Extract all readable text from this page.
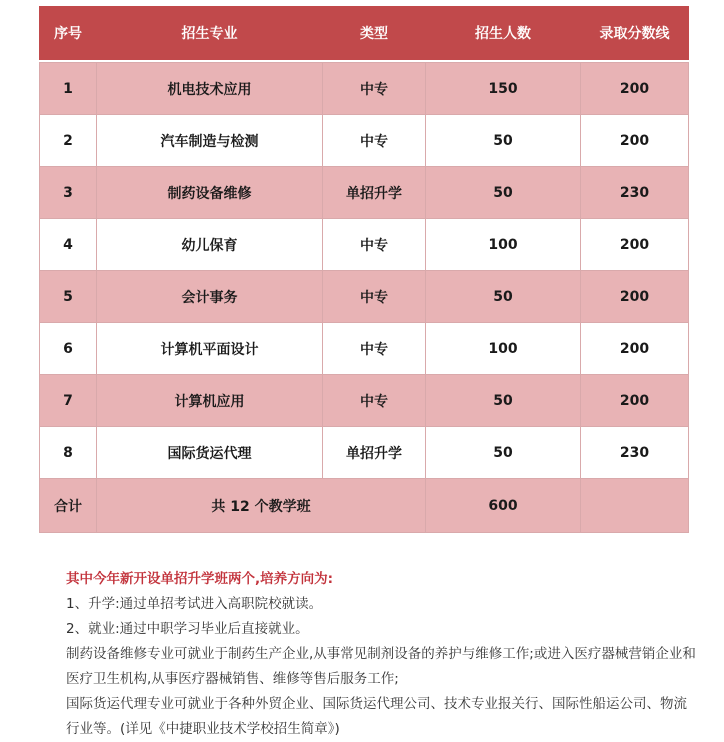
序号	招生专业	类型	招生人数	录取分数线

1	机电技术应用	中专	150	200
2	汽车制造与检测	中专	50	200
3	制药设备维修	单招升学	50	230
4	幼儿保育	中专	100	200
5	会计事务	中专	50	200
6	计算机平面设计	中专	100	200
7	计算机应用	中专	50	200
8	国际货运代理	单招升学	50	230
合计	共 12 个教学班		600	

其中今年新开设单招升学班两个,培养方向为:

1、升学:通过单招考试进入高职院校就读。

2、就业:通过中职学习毕业后直接就业。

制药设备维修专业可就业于制药生产企业,从事常见制剂设备的养护与维修工作;或进入医疗器械营销企业和医疗卫生机构,从事医疗器械销售、维修等售后服务工作;

国际货运代理专业可就业于各种外贸企业、国际货运代理公司、技术专业报关行、国际性船运公司、物流行业等。(详见《中捷职业技术学校招生简章》)
